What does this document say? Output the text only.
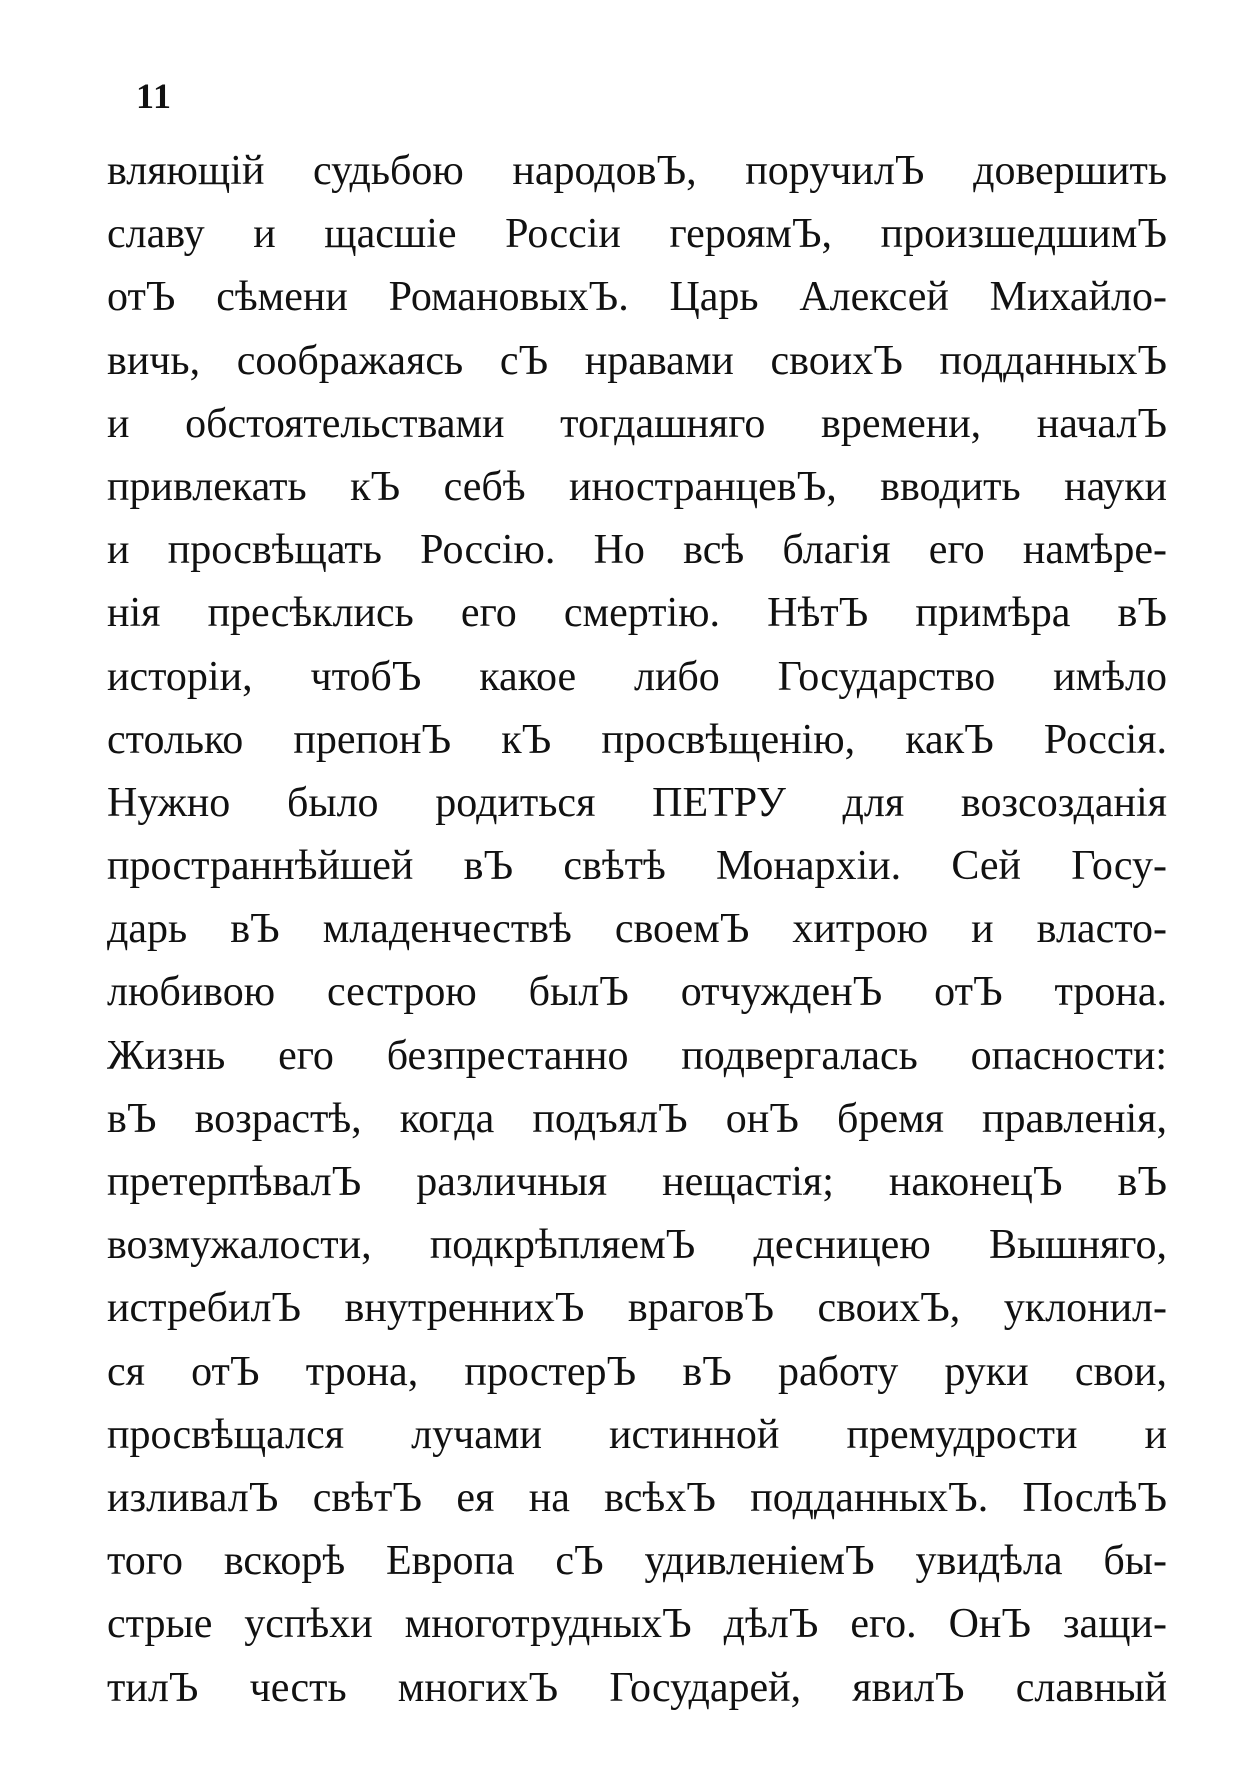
11
вляющій судьбою народовЪ, поручилЪ довершить
славу и щасшіе Россіи героямЪ, произшедшимЪ
отЪ сѣмени РомановыхЪ. Царь Алексей Михайло-
вичь, соображаясь сЪ нравами своихЪ подданныхЪ
и обстоятельствами тогдашняго времени, началЪ
привлекать кЪ себѣ иностранцевЪ, вводить науки
и просвѣщать Россію. Но всѣ благія его намѣре-
нія пресѣклись его смертію. НѣтЪ примѣра вЪ
исторіи, чтобЪ какое либо Государство имѣло
столько препонЪ кЪ просвѣщенію, какЪ Россія.
Нужно было родиться ПЕТРУ для возсозданія
пространнѣйшей вЪ свѣтѣ Монархіи. Сей Госу-
дарь вЪ младенчествѣ своемЪ хитрою и власто-
любивою сестрою былЪ отчужденЪ отЪ трона.
Жизнь его безпрестанно подвергалась опасности:
вЪ возрастѣ, когда подъялЪ онЪ бремя правленія,
претерпѣвалЪ различныя нещастія; наконецЪ вЪ
возмужалости, подкрѣпляемЪ десницею Вышняго,
истребилЪ внутреннихЪ враговЪ своихЪ, уклонил-
ся отЪ трона, простерЪ вЪ работу руки свои,
просвѣщался лучами истинной премудрости и
изливалЪ свѣтЪ ея на всѣхЪ подданныхЪ. ПослѣЪ
того вскорѣ Европа сЪ удивленіемЪ увидѣла бы-
стрые успѣхи многотрудныхЪ дѣлЪ его. ОнЪ защи-
тилЪ честь многихЪ Государей, явилЪ славный
